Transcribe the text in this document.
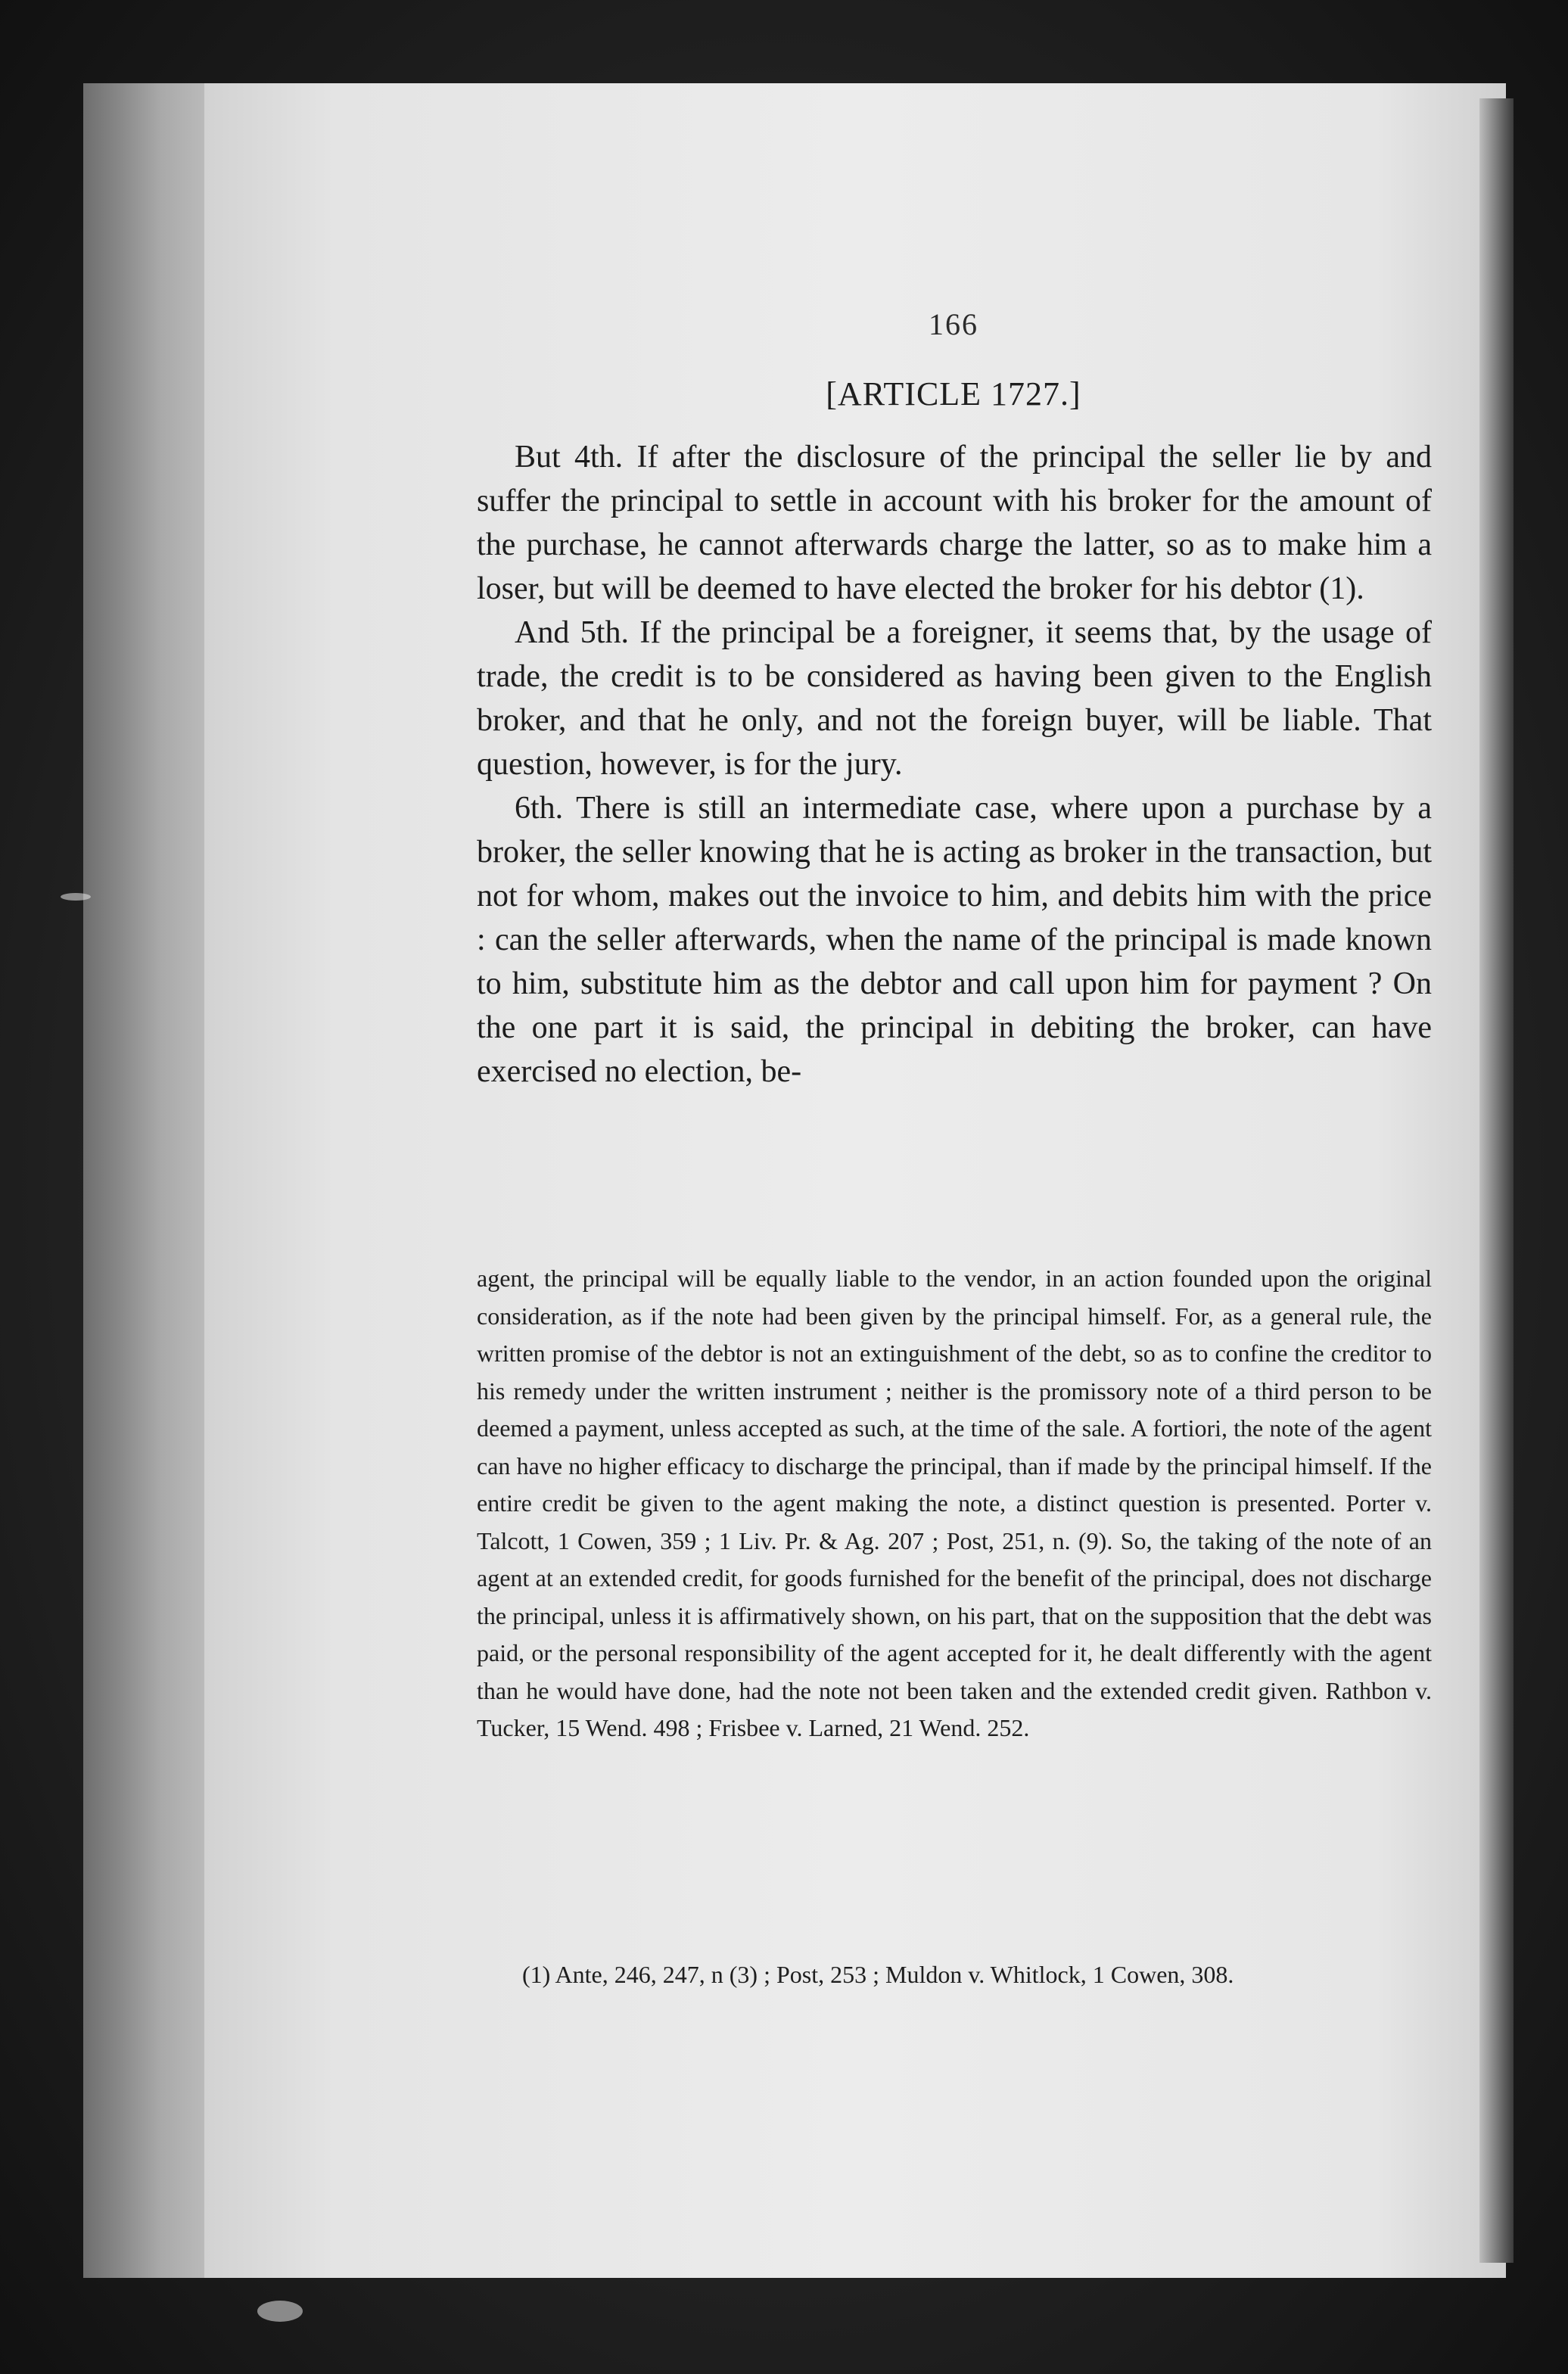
166
[ARTICLE 1727.]

But 4th. If after the disclosure of the principal the seller lie by and suffer the principal to settle in account with his broker for the amount of the purchase, he cannot afterwards charge the latter, so as to make him a loser, but will be deemed to have elected the broker for his debtor (1).

And 5th. If the principal be a foreigner, it seems that, by the usage of trade, the credit is to be considered as having been given to the English broker, and that he only, and not the foreign buyer, will be liable. That question, however, is for the jury.

6th. There is still an intermediate case, where upon a purchase by a broker, the seller knowing that he is acting as broker in the transaction, but not for whom, makes out the invoice to him, and debits him with the price : can the seller afterwards, when the name of the principal is made known to him, substitute him as the debtor and call upon him for payment ? On the one part it is said, the principal in debiting the broker, can have exercised no election, be-

agent, the principal will be equally liable to the vendor, in an action founded upon the original consideration, as if the note had been given by the principal himself. For, as a general rule, the written promise of the debtor is not an extinguishment of the debt, so as to confine the creditor to his remedy under the written instrument ; neither is the promissory note of a third person to be deemed a payment, unless accepted as such, at the time of the sale. A fortiori, the note of the agent can have no higher efficacy to discharge the principal, than if made by the principal himself. If the entire credit be given to the agent making the note, a distinct question is presented. Porter v. Talcott, 1 Cowen, 359 ; 1 Liv. Pr. & Ag. 207 ; Post, 251, n. (9). So, the taking of the note of an agent at an extended credit, for goods furnished for the benefit of the principal, does not discharge the principal, unless it is affirmatively shown, on his part, that on the supposition that the debt was paid, or the personal responsibility of the agent accepted for it, he dealt differently with the agent than he would have done, had the note not been taken and the extended credit given. Rathbon v. Tucker, 15 Wend. 498 ; Frisbee v. Larned, 21 Wend. 252.

(1) Ante, 246, 247, n (3) ; Post, 253 ; Muldon v. Whitlock, 1 Cowen, 308.
